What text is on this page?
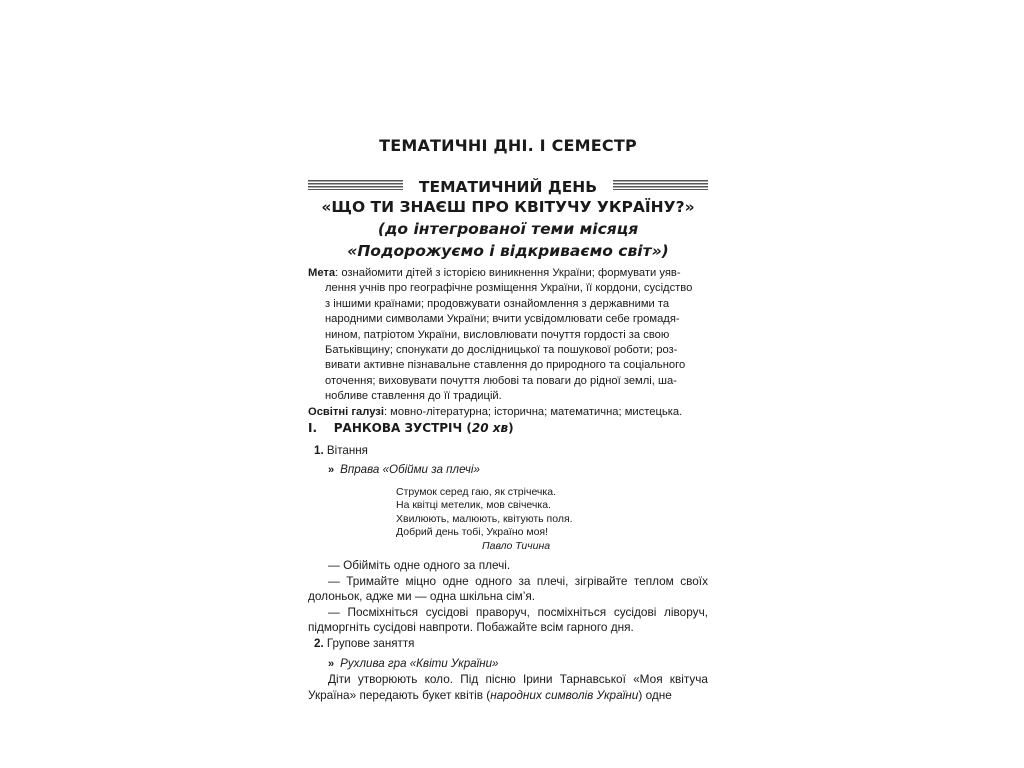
ТЕМАТИЧНІ ДНІ. І СЕМЕСТР
ТЕМАТИЧНИЙ ДЕНЬ
«ЩО ТИ ЗНАЄШ ПРО КВІТУЧУ УКРАЇНУ?»
(до інтегрованої теми місяця
«Подорожуємо і відкриваємо світ»)

Мета: ознайомити дітей з історією виникнення України; формувати уяв-

лення учнів про географічне розміщення України, її кордони, сусідство

з іншими країнами; продовжувати ознайомлення з державними та

народними символами України; вчити усвідомлювати себе громадя-

нином, патріотом України, висловлювати почуття гордості за свою

Батьківщину; спонукати до дослідницької та пошукової роботи; роз-

вивати активне пізнавальне ставлення до природного та соціального

оточення; виховувати почуття любові та поваги до рідної землі, ша-

нобливе ставлення до її традицій.

Освітні галузі: мовно-літературна; історична; математична; мистецька.

I. РАНКОВА ЗУСТРІЧ (20 хв)
1. Вітання
» Вправа «Обійми за плечі»
Струмок серед гаю, як стрічечка.
На квітці метелик, мов свічечка.
Хвилюють, малюють, квітують поля.
Добрий день тобі, Україно моя!
Павло Тичина

— Обійміть одне одного за плечі.

— Тримайте міцно одне одного за плечі, зігрівайте теплом своїх долоньок, адже ми — одна шкільна сім’я.

— Посміхніться сусідові праворуч, посміхніться сусідові ліворуч, підморгніть сусідові навпроти. Побажайте всім гарного дня.

2. Групове заняття
» Рухлива гра «Квіти України»

Діти утворюють коло. Під пісню Ірини Тарнавської «Моя квітуча Україна» передають букет квітів (народних символів України) одне
